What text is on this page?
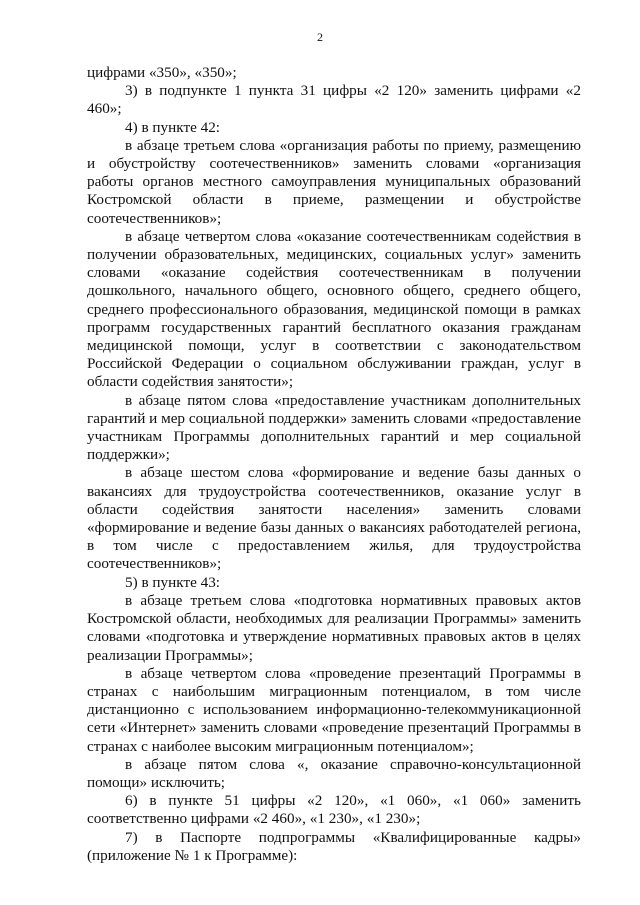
2

цифрами «350», «350»;

3) в подпункте 1 пункта 31 цифры «2 120» заменить цифрами «2 460»;

4) в пункте 42:

в абзаце третьем слова «организация работы по приему, размещению и обустройству соотечественников» заменить словами «организация работы органов местного самоуправления муниципальных образований Костромской области в приеме, размещении и обустройстве соотечественников»;

в абзаце четвертом слова «оказание соотечественникам содействия в получении образовательных, медицинских, социальных услуг» заменить словами «оказание содействия соотечественникам в получении дошкольного, начального общего, основного общего, среднего общего, среднего профессионального образования, медицинской помощи в рамках программ государственных гарантий бесплатного оказания гражданам медицинской помощи, услуг в соответствии с законодательством Российской Федерации о социальном обслуживании граждан, услуг в области содействия занятости»;

в абзаце пятом слова «предоставление участникам дополнительных гарантий и мер социальной поддержки» заменить словами «предоставление участникам Программы дополнительных гарантий и мер социальной поддержки»;

в абзаце шестом слова «формирование и ведение базы данных о вакансиях для трудоустройства соотечественников, оказание услуг в области содействия занятости населения» заменить словами «формирование и ведение базы данных о вакансиях работодателей региона, в том числе с предоставлением жилья, для трудоустройства соотечественников»;

5) в пункте 43:

в абзаце третьем слова «подготовка нормативных правовых актов Костромской области, необходимых для реализации Программы» заменить словами «подготовка и утверждение нормативных правовых актов в целях реализации Программы»;

в абзаце четвертом слова «проведение презентаций Программы в странах с наибольшим миграционным потенциалом, в том числе дистанционно с использованием информационно-телекоммуникационной сети «Интернет» заменить словами «проведение презентаций Программы в странах с наиболее высоким миграционным потенциалом»;

в абзаце пятом слова «, оказание справочно-консультационной помощи» исключить;

6) в пункте 51 цифры «2 120», «1 060», «1 060» заменить соответственно цифрами «2 460», «1 230», «1 230»;

7) в Паспорте подпрограммы «Квалифицированные кадры» (приложение № 1 к Программе):
